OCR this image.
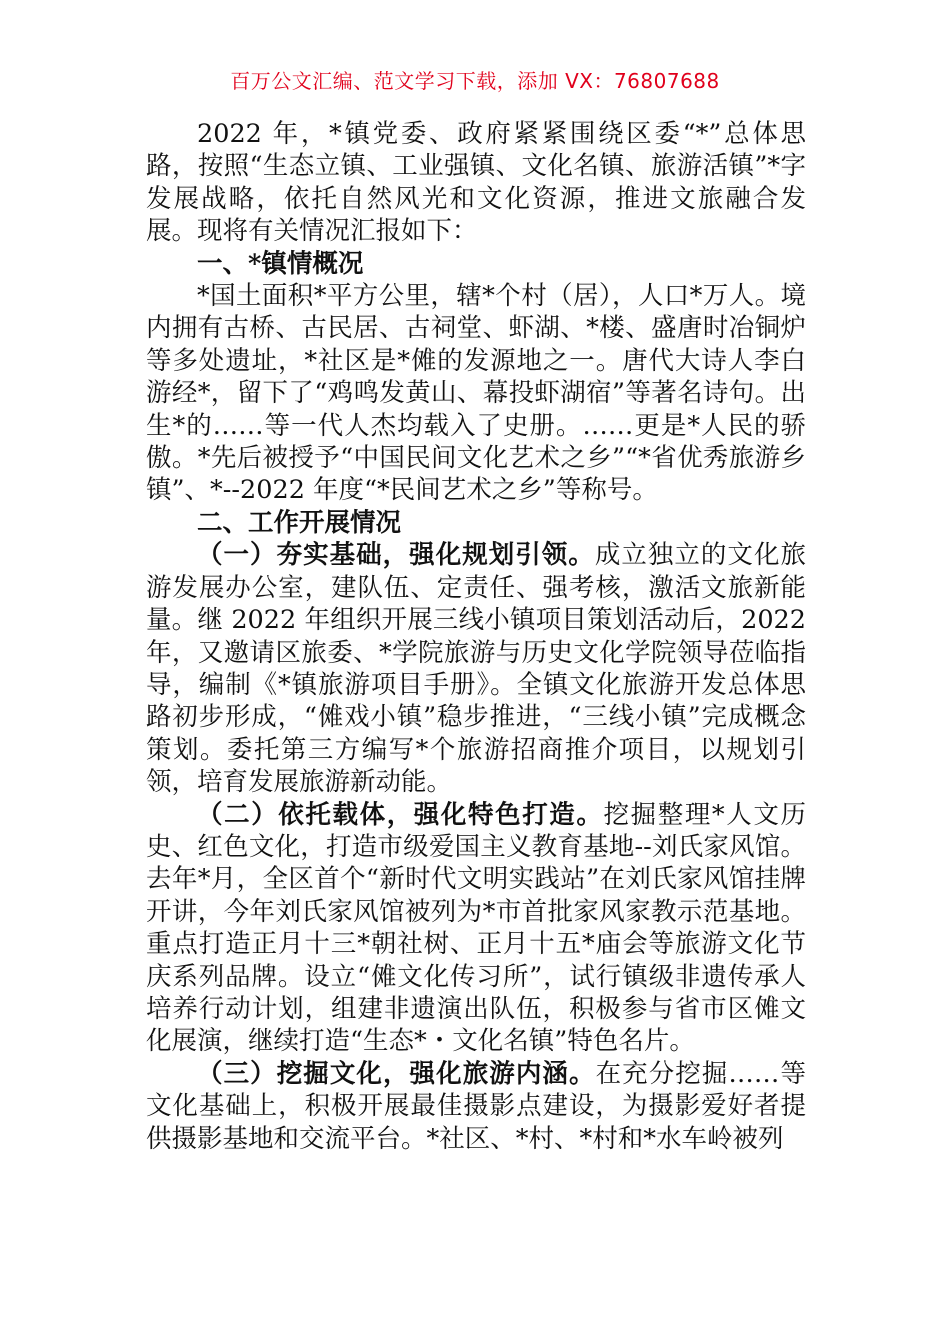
百万公文汇编、范文学习下载，添加 VX：76807688

2022 年，*镇党委、政府紧紧围绕区委“*”总体思路，按照“生态立镇、工业强镇、文化名镇、旅游活镇”*字发展战略，依托自然风光和文化资源，推进文旅融合发展。现将有关情况汇报如下：

一、*镇情概况

*国土面积*平方公里，辖*个村（居），人口*万人。境内拥有古桥、古民居、古祠堂、虾湖、*楼、盛唐时冶铜炉等多处遗址，*社区是*傩的发源地之一。唐代大诗人李白游经*，留下了“鸡鸣发黄山、幕投虾湖宿”等著名诗句。出生*的……等一代人杰均载入了史册。……更是*人民的骄傲。*先后被授予“中国民间文化艺术之乡”“*省优秀旅游乡镇”、*--2022 年度“*民间艺术之乡”等称号。

二、工作开展情况

（一）夯实基础，强化规划引领。成立独立的文化旅游发展办公室，建队伍、定责任、强考核，激活文旅新能量。继 2022 年组织开展三线小镇项目策划活动后，2022年，又邀请区旅委、*学院旅游与历史文化学院领导莅临指导，编制《*镇旅游项目手册》。全镇文化旅游开发总体思路初步形成，“傩戏小镇”稳步推进，“三线小镇”完成概念策划。委托第三方编写*个旅游招商推介项目，以规划引领，培育发展旅游新动能。

（二）依托载体，强化特色打造。挖掘整理*人文历史、红色文化，打造市级爱国主义教育基地--刘氏家风馆。去年*月，全区首个“新时代文明实践站”在刘氏家风馆挂牌开讲，今年刘氏家风馆被列为*市首批家风家教示范基地。重点打造正月十三*朝社树、正月十五*庙会等旅游文化节庆系列品牌。设立“傩文化传习所”，试行镇级非遗传承人培养行动计划，组建非遗演出队伍，积极参与省市区傩文化展演，继续打造“生态*・文化名镇”特色名片。

（三）挖掘文化，强化旅游内涵。在充分挖掘……等文化基础上，积极开展最佳摄影点建设，为摄影爱好者提供摄影基地和交流平台。*社区、*村、*村和*水车岭被列
